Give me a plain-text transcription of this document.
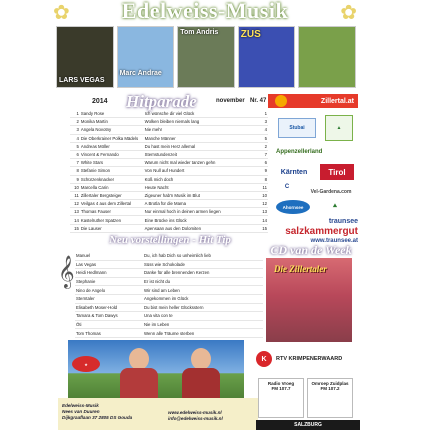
✿ Edelweiss-Musik	✿
LARS VEGAS
Marc Andrae
Tom Andris	ZUS
2014 Hitparade	november Nr. 47
1	Sandy Rose	Ich wünsche dir viel Glück	1
2	Monika Martin	Wolken bleiben niemals lang	3
3	Angela Novotny	Nie mehr	4
4	Die Oberkrainer Polka Mädels	Manche Männer	5
5	Andreas Möller	Du hast mein Herz allemal	2
6	Vincent & Fernando	Sternstundenzeit	7
7	White Stars	Warum nicht mal wieder tanzen gehn	6
8	Stefanie Simon	Von Null auf Hundert	9
9	Schürzenknacker	Küß mich doch	8
10	Marcella Carin	Heute Nacht	11
11	Zillertaler Bergsteiger	Zigeuner hab'n Musik im Blut	10
12	Veilgas 4 aus dem Zillertal	A Brotla für die Mama	12
13	Thomas Fauser	Nur einmal hoch in deinen armen liegen	13
14	Kastelruther Spatzen	Eine Brücke ins Glück	14
15	Die Lauser	Apensaan aus den Dolomiten	15
Neu vorstellingen - Hit Tip
𝄞
Manuel	Du, ich hab Dich so unheimlich lieb
Las Vegas	Süss wie Schokolade
Heidi Hedlmann	Danke für alle brennenden Kerzen
Stephanie	Er ist nicht du
Nino de Angelo	Wir sind am Leben
Sterntaler	Angekommen im Glück
Elisabeth Moser-Hold	Du bist mein heller Glücksstern
Tamara & Tom Dawys	Una vita con te
Öti	Nie im Leben
Tom Thomas	Wenn alle Träume sterben
★
Edelweiss-Musik
Nees van Duuren
Dijkgraaflaan 37 2805 DS Gouda
www.edelweiss-musik.nl
info@edelweiss-musik.nl
Zillertal.at
Stubai	▲
Appenzellerland
Kärnten	Tirol
C
Vel-Gardena.com
Ahornsee	⛰
traunsee
salzkammergut
www.traunsee.at
CD van de Week
Die Zillertaler
K	RTV KRIMPENERWAARD
Radio Vroeg
FM 107.7
Omroep Zuidplas
FM 107.2
SALZBURG
